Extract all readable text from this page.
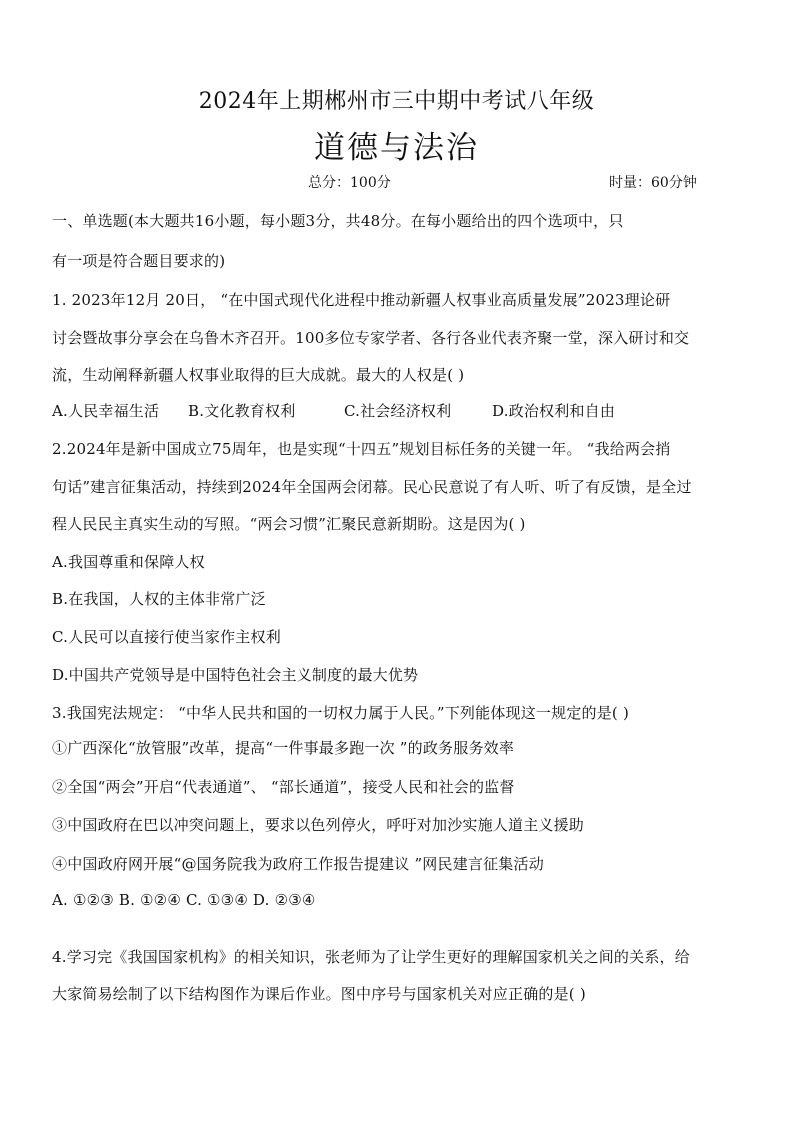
2024年上期郴州市三中期中考试八年级
道德与法治
总分：100分	时量：60分钟
一、单选题(本大题共16小题，每小题3分，共48分。在每小题给出的四个选项中，只
有一项是符合题目要求的)
1. 2023年12月 20日， “在中国式现代化进程中推动新疆人权事业高质量发展”2023理论研
讨会暨故事分享会在乌鲁木齐召开。100多位专家学者、各行各业代表齐聚一堂，深入研讨和交
流，生动阐释新疆人权事业取得的巨大成就。最大的人权是( )
A.人民幸福生活 B.文化教育权利	C.社会经济权利	D.政治权利和自由
2.2024年是新中国成立75周年，也是实现“十四五”规划目标任务的关键一年。 “我给两会捎
句话”建言征集活动，持续到2024年全国两会闭幕。民心民意说了有人听、听了有反馈，是全过
程人民民主真实生动的写照。“两会习惯”汇聚民意新期盼。这是因为( )
A.我国尊重和保障人权
B.在我国，人权的主体非常广泛
C.人民可以直接行使当家作主权利
D.中国共产党领导是中国特色社会主义制度的最大优势
3.我国宪法规定： “中华人民共和国的一切权力属于人民。”下列能体现这一规定的是( )
①广西深化“放管服”改革，提高“一件事最多跑一次 ”的政务服务效率
②全国“两会”开启“代表通道”、 “部长通道”，接受人民和社会的监督
③中国政府在巴以冲突问题上，要求以色列停火，呼吁对加沙实施人道主义援助
④中国政府网开展“@国务院我为政府工作报告提建议 ”网民建言征集活动
A. ①②③ B. ①②④ C. ①③④ D. ②③④
4.学习完《我国国家机构》的相关知识，张老师为了让学生更好的理解国家机关之间的关系，给
大家简易绘制了以下结构图作为课后作业。图中序号与国家机关对应正确的是( )
